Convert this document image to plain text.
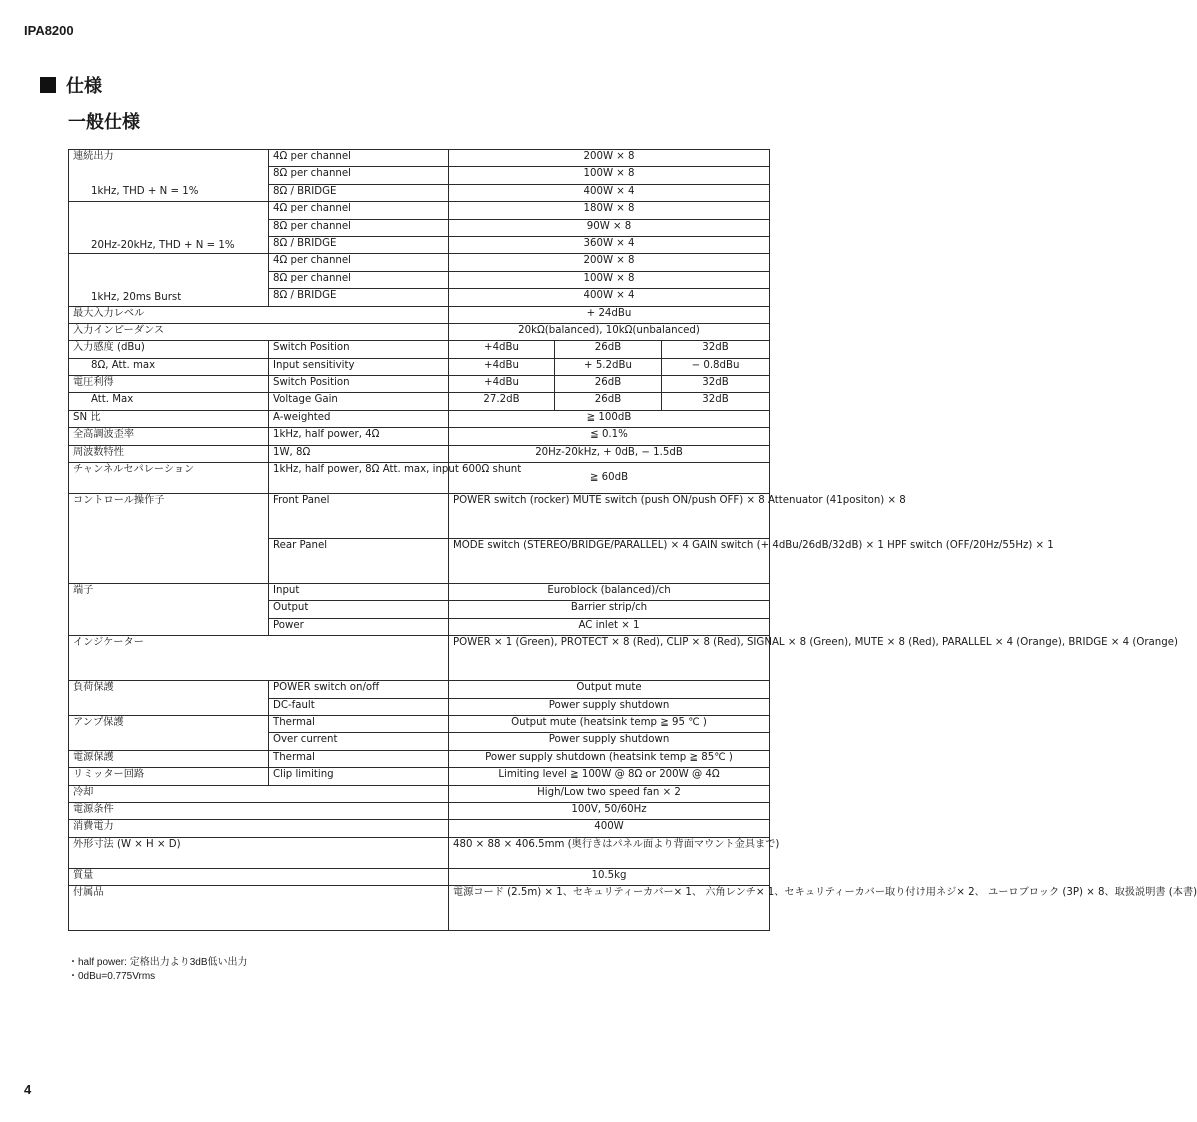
IPA8200
仕様
一般仕様
連続出力
1kHz, THD + N = 1%	4Ω per channel	200W × 8		
	8Ω per channel	100W × 8		
	8Ω / BRIDGE	400W × 4		
20Hz-20kHz, THD + N = 1%	4Ω per channel	180W × 8		
	8Ω per channel	90W × 8		
	8Ω / BRIDGE	360W × 4		
1kHz, 20ms Burst	4Ω per channel	200W × 8		
	8Ω per channel	100W × 8		
	8Ω / BRIDGE	400W × 4		
最大入力レベル		+ 24dBu		
入力インピーダンス		20kΩ(balanced), 10kΩ(unbalanced)		
入力感度 (dBu)	Switch Position	+4dBu	26dB	32dB
8Ω, Att. max	Input sensitivity	+4dBu	+ 5.2dBu	− 0.8dBu
電圧利得	Switch Position	+4dBu	26dB	32dB
Att. Max	Voltage Gain	27.2dB	26dB	32dB
SN 比	A-weighted	≧ 100dB		
全高調波歪率	1kHz, half power, 4Ω	≦ 0.1%		
周波数特性	1W, 8Ω	20Hz-20kHz, + 0dB, − 1.5dB		
チャンネルセパレーション	1kHz, half power, 8Ω Att. max, input 600Ω shunt	≧ 60dB		
コントロール操作子	Front Panel	POWER switch (rocker) MUTE switch (push ON/push OFF) × 8 Attenuator (41positon) × 8		
	Rear Panel	MODE switch (STEREO/BRIDGE/PARALLEL) × 4 GAIN switch (+ 4dBu/26dB/32dB) × 1 HPF switch (OFF/20Hz/55Hz) × 1		
端子	Input	Euroblock (balanced)/ch		
	Output	Barrier strip/ch		
	Power	AC inlet × 1		
インジケーター		POWER × 1 (Green), PROTECT × 8 (Red), CLIP × 8 (Red), SIGNAL × 8 (Green), MUTE × 8 (Red), PARALLEL × 4 (Orange), BRIDGE × 4 (Orange)		
負荷保護	POWER switch on/off	Output mute		
	DC-fault	Power supply shutdown		
アンプ保護	Thermal	Output mute (heatsink temp ≧ 95 ℃ )		
	Over current	Power supply shutdown		
電源保護	Thermal	Power supply shutdown (heatsink temp ≧ 85℃ )		
リミッター回路	Clip limiting	Limiting level ≧ 100W @ 8Ω or 200W @ 4Ω		
冷却		High/Low two speed fan × 2		
電源条件		100V, 50/60Hz		
消費電力		400W		
外形寸法 (W × H × D)		480 × 88 × 406.5mm (奥行きはパネル面より背面マウント金具まで)		
質量		10.5kg		
付属品		電源コード (2.5m) × 1、セキュリティーカバー× 1、 六角レンチ× 1、セキュリティーカバー取り付け用ネジ× 2、 ユーロブロック (3P) × 8、取扱説明書 (本書)		
・half power: 定格出力より3dB低い出力
・0dBu=0.775Vrms
4
